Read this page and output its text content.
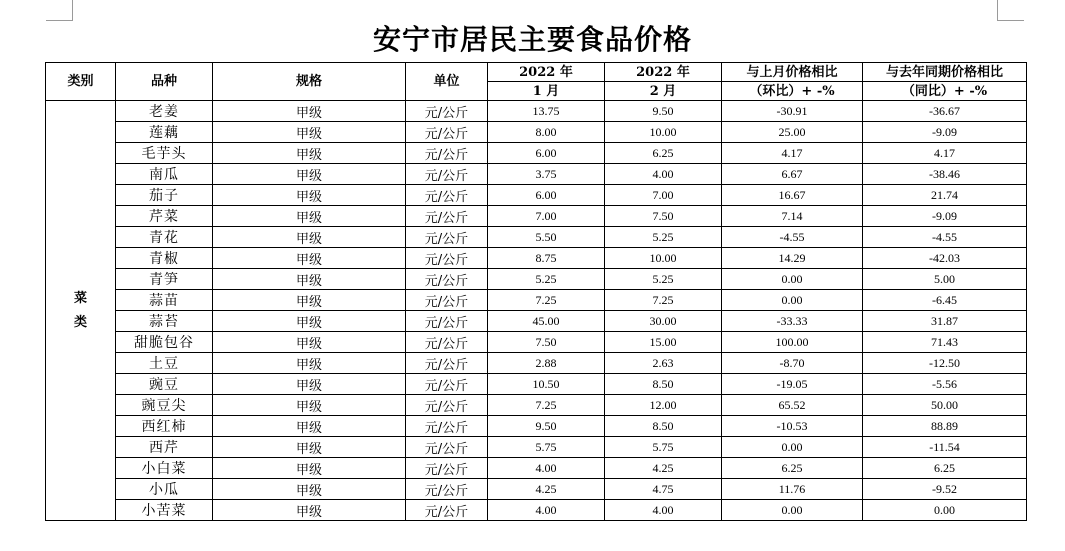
安宁市居民主要食品价格
类别	品种	规格	单位	2022 年	2022 年	与上月价格相比	与去年同期价格相比
				1 月	2 月	（环比）+ -%	（同比）+ -%

菜
类	老姜	甲级	元/公斤	13.75	9.50	-30.91	-36.67
	莲藕	甲级	元/公斤	8.00	10.00	25.00	-9.09
	毛芋头	甲级	元/公斤	6.00	6.25	4.17	4.17
	南瓜	甲级	元/公斤	3.75	4.00	6.67	-38.46
	茄子	甲级	元/公斤	6.00	7.00	16.67	21.74
	芹菜	甲级	元/公斤	7.00	7.50	7.14	-9.09
	青花	甲级	元/公斤	5.50	5.25	-4.55	-4.55
	青椒	甲级	元/公斤	8.75	10.00	14.29	-42.03
	青笋	甲级	元/公斤	5.25	5.25	0.00	5.00
	蒜苗	甲级	元/公斤	7.25	7.25	0.00	-6.45
	蒜苔	甲级	元/公斤	45.00	30.00	-33.33	31.87
	甜脆包谷	甲级	元/公斤	7.50	15.00	100.00	71.43
	土豆	甲级	元/公斤	2.88	2.63	-8.70	-12.50
	豌豆	甲级	元/公斤	10.50	8.50	-19.05	-5.56
	豌豆尖	甲级	元/公斤	7.25	12.00	65.52	50.00
	西红柿	甲级	元/公斤	9.50	8.50	-10.53	88.89
	西芹	甲级	元/公斤	5.75	5.75	0.00	-11.54
	小白菜	甲级	元/公斤	4.00	4.25	6.25	6.25
	小瓜	甲级	元/公斤	4.25	4.75	11.76	-9.52
	小苦菜	甲级	元/公斤	4.00	4.00	0.00	0.00
